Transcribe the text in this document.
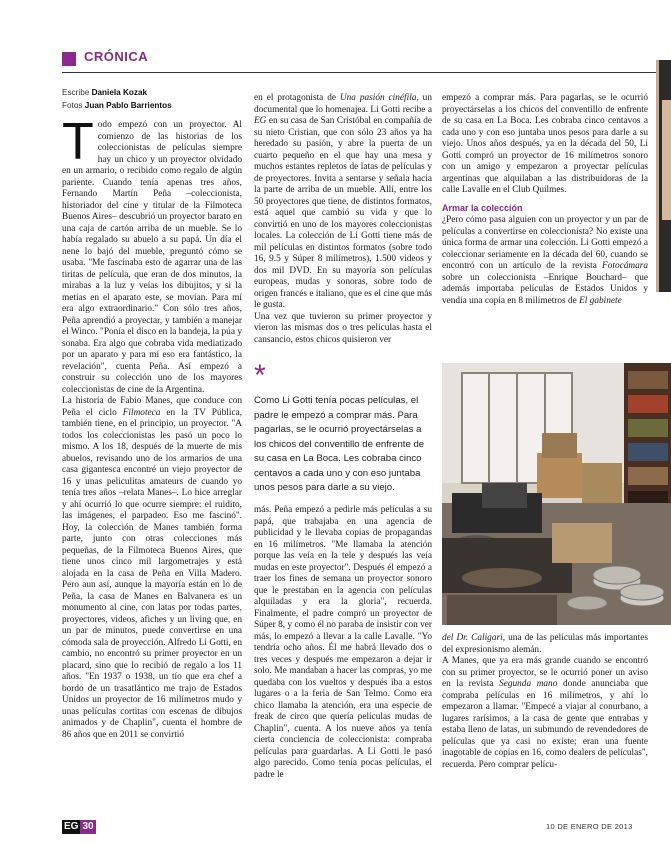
CRÓNICA
Escribe Daniela Kozak
Fotos Juan Pablo Barrientos

Todo empezó con un proyector. Al comienzo de las historias de los coleccionistas de películas siempre hay un chico y un proyector olvidado en un armario, o recibido como regalo de algún pariente. Cuando tenía apenas tres años, Fernando Martín Peña –coleccionista, historiador del cine y titular de la Filmoteca Buenos Aires– descubrió un proyector barato en una caja de cartón arriba de un mueble. Se lo había regalado su abuelo a su papá. Un día el nene lo bajó del mueble, preguntó cómo se usaba. "Me fascinaba esto de agarrar una de las tiritas de película, que eran de dos minutos, la mirabas a la luz y veías los dibujitos, y si la metías en el aparato este, se movían. Para mí era algo extraordinario." Con sólo tres años, Peña aprendió a proyectar, y también a manejar el Winco. "Ponía el disco en la bandeja, la púa y sonaba. Era algo que cobraba vida mediatizado por un aparato y para mí eso era fantástico, la revelación", cuenta Peña. Así empezó a construir su colección uno de los mayores coleccionistas de cine de la Argentina.

La historia de Fabio Manes, que conduce con Peña el ciclo Filmoteca en la TV Pública, también tiene, en el principio, un proyector. "A todos los coleccionistas les pasó un poco lo mismo. A los 18, después de la muerte de mis abuelos, revisando uno de los armarios de una casa gigantesca encontré un viejo proyector de 16 y unas peliculitas amateurs de cuando yo tenía tres años –relata Manes–. Lo hice arreglar y ahí ocurrió lo que ocurre siempre: el ruidito, las imágenes, el parpadeo. Eso me fascinó". Hoy, la colección de Manes también forma parte, junto con otras colecciones más pequeñas, de la Filmoteca Buenos Aires, que tiene unos cinco mil largometrajes y está alojada en la casa de Peña en Villa Madero. Pero aun así, aunque la mayoría están en lo de Peña, la casa de Manes en Balvanera es un monumento al cine, con latas por todas partes, proyectores, videos, afiches y un living que, en un par de minutos, puede convertirse en una cómoda sala de proyección. Alfredo Li Gotti, en cambio, no encontró su primer proyector en un placard, sino que lo recibió de regalo a los 11 años. "En 1937 o 1938, un tío que era chef a bordo de un trasatlántico me trajo de Estados Unidos un proyector de 16 milímetros mudo y unas películas cortitas con escenas de dibujos animados y de Chaplin", cuenta el hombre de 86 años que en 2011 se convirtió

en el protagonista de Una pasión cinéfila, un documental que lo homenajea. Li Gotti recibe a EG en su casa de San Cristóbal en compañía de su nieto Cristian, que con sólo 23 años ya ha heredado su pasión, y abre la puerta de un cuarto pequeño en el que hay una mesa y muchos estantes repletos de latas de películas y de proyectores. Invita a sentarse y señala hacia la parte de arriba de un mueble. Allí, entre los 50 proyectores que tiene, de distintos formatos, está aquel que cambió su vida y que lo convirtió en uno de los mayores coleccionistas locales. La colección de Li Gotti tiene más de mil películas en distintos formatos (sobre todo 16, 9.5 y Súper 8 milímetros), 1.500 videos y dos mil DVD. En su mayoría son películas europeas, mudas y sonoras, sobre todo de origen francés e italiano, que es el cine que más le gusta.

Una vez que tuvieron su primer proyector y vieron las mismas dos o tres películas hasta el cansancio, estos chicos quisieron ver

*
Como Li Gotti tenía pocas películas, el padre le empezó a comprar más. Para pagarlas, se le ocurrió proyectárselas a los chicos del conventillo de enfrente de su casa en La Boca. Les cobraba cinco centavos a cada uno y con eso juntaba unos pesos para darle a su viejo.

más. Peña empezó a pedirle más películas a su papá, que trabajaba en una agencia de publicidad y le llevaba copias de propagandas en 16 milímetros. "Me llamaba la atención porque las veía en la tele y después las veía mudas en este proyector". Después él empezó a traer los fines de semana un proyector sonoro que le prestaban en la agencia con películas alquiladas y era la gloria", recuerda. Finalmente, el padre compró un proyector de Súper 8, y como él no paraba de insistir con ver más, lo empezó a llevar a la calle Lavalle. "Yo tendría ocho años. Él me habrá llevado dos o tres veces y después me empezaron a dejar ir solo. Me mandaban a hacer las compras, yo me quedaba con los vueltos y después iba a estos lugares o a la feria de San Telmo. Como era chico llamaba la atención, era una especie de freak de circo que quería películas mudas de Chaplin", cuenta. A los nueve años ya tenía cierta conciencia de coleccionista: compraba películas para guardarlas. A Li Gotti le pasó algo parecido. Como tenía pocas películas, el padre le

empezó a comprar más. Para pagarlas, se le ocurrió proyectárselas a los chicos del conventillo de enfrente de su casa en La Boca. Les cobraba cinco centavos a cada uno y con eso juntaba unos pesos para darle a su viejo. Unos años después, ya en la década del 50, Li Gotti compró un proyector de 16 milímetros sonoro con un amigo y empezaron a proyectar películas argentinas que alquilaban a las distribuidoras de la calle Lavalle en el Club Quilmes.

Armar la colección

¿Pero cómo pasa alguien con un proyector y un par de películas a convertirse en coleccionista? No existe una única forma de armar una colección. Li Gotti empezó a coleccionar seriamente en la década del 60, cuando se encontró con un artículo de la revista Fotocámara sobre un coleccionista –Enrique Bouchard– que además importaba películas de Estados Unidos y vendía una copia en 8 milímetros de El gabinete

del Dr. Caligari, una de las películas más importantes del expresionismo alemán.

A Manes, que ya era más grande cuando se encontró con su primer proyector, se le ocurrió poner un aviso en la revista Segunda mano donde anunciaba que compraba películas en 16 milímetros, y ahí lo empezaron a llamar. "Empecé a viajar al conurbano, a lugares rarísimos, a la casa de gente que entrabas y estaba lleno de latas, un submundo de revendedores de películas que ya casi no existe; eran una fuente inagotable de copias en 16, como dealers de películas", recuerda. Pero comprar pelícu-

EG 30	10 DE ENERO DE 2013
